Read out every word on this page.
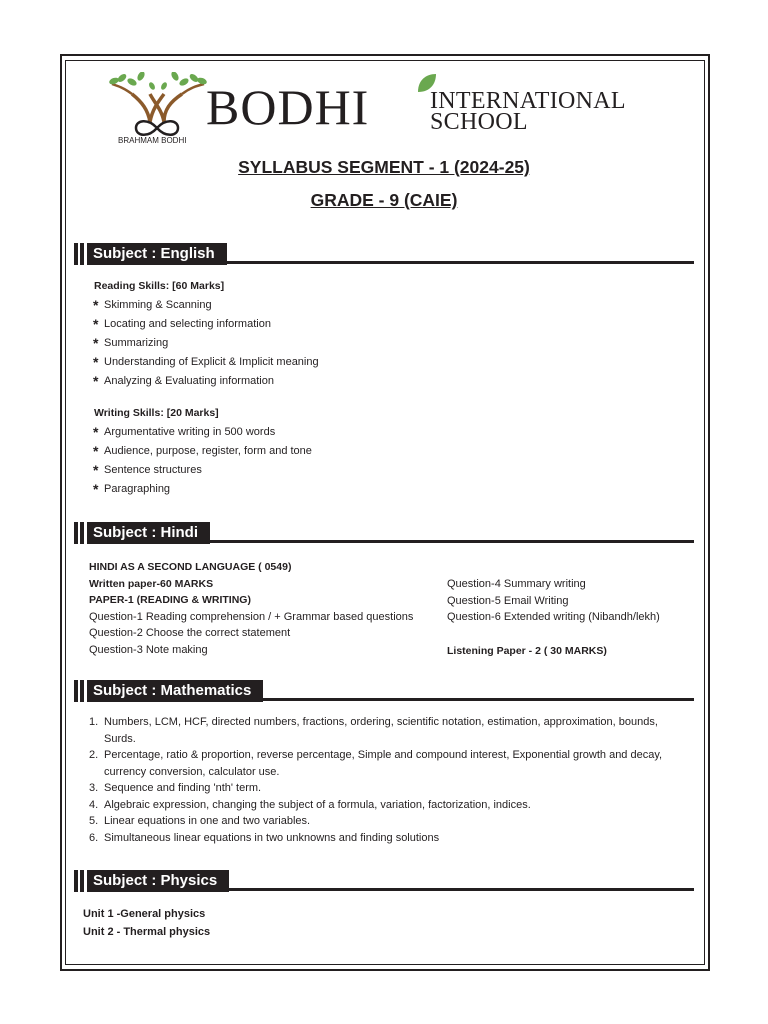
BODHI	INTERNATIONAL
SCHOOL
BRAHMAM BODHI
SYLLABUS SEGMENT - 1 (2024-25)
GRADE - 9 (CAIE)
Subject : English
Reading Skills: [60 Marks]
* Skimming & Scanning
* Locating and selecting information
* Summarizing
* Understanding of Explicit & Implicit meaning
* Analyzing & Evaluating information
Writing Skills: [20 Marks]
* Argumentative writing in 500 words
* Audience, purpose, register, form and tone
* Sentence structures
* Paragraphing
Subject : Hindi
HINDI AS A SECOND LANGUAGE ( 0549)
Written paper-60 MARKS
PAPER-1 (READING & WRITING)
Question-1 Reading comprehension / + Grammar based questions
Question-2 Choose the correct statement
Question-3 Note making
Question-4 Summary writing
Question-5 Email Writing
Question-6 Extended writing (Nibandh/lekh)
Listening Paper - 2 ( 30 MARKS)
Subject : Mathematics
1. Numbers, LCM, HCF, directed numbers, fractions, ordering, scientific notation, estimation, approximation, bounds, Surds.
2. Percentage, ratio & proportion, reverse percentage, Simple and compound interest, Exponential growth and decay, currency conversion, calculator use.
3. Sequence and finding 'nth' term.
4. Algebraic expression, changing the subject of a formula, variation, factorization, indices.
5. Linear equations in one and two variables.
6. Simultaneous linear equations in two unknowns and finding solutions
Subject : Physics
Unit 1 -General physics
Unit 2 - Thermal physics
